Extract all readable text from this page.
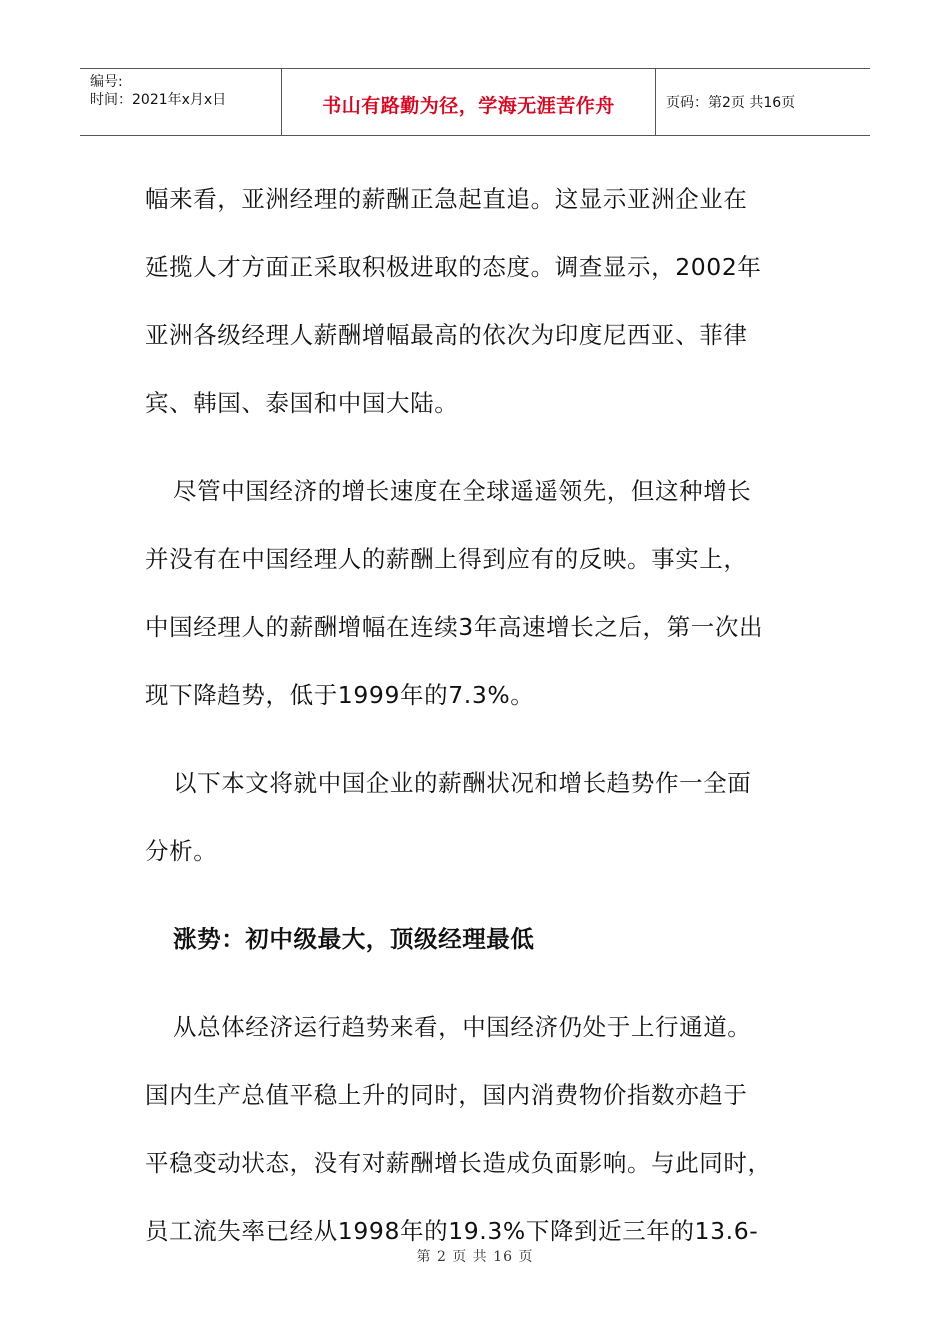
编号:
时间：2021年x月x日	书山有路勤为径，学海无涯苦作舟	页码：第2页 共16页
幅来看，亚洲经理的薪酬正急起直追。这显示亚洲企业在
延揽人才方面正采取积极进取的态度。调查显示，2002年
亚洲各级经理人薪酬增幅最高的依次为印度尼西亚、菲律
宾、韩国、泰国和中国大陆。
尽管中国经济的增长速度在全球遥遥领先，但这种增长
并没有在中国经理人的薪酬上得到应有的反映。事实上，
中国经理人的薪酬增幅在连续3年高速增长之后，第一次出
现下降趋势，低于1999年的7.3%。
以下本文将就中国企业的薪酬状况和增长趋势作一全面
分析。
涨势：初中级最大，顶级经理最低
从总体经济运行趋势来看，中国经济仍处于上行通道。
国内生产总值平稳上升的同时，国内消费物价指数亦趋于
平稳变动状态，没有对薪酬增长造成负面影响。与此同时，
员工流失率已经从1998年的19.3%下降到近三年的13.6-
第 2 页 共 16 页
